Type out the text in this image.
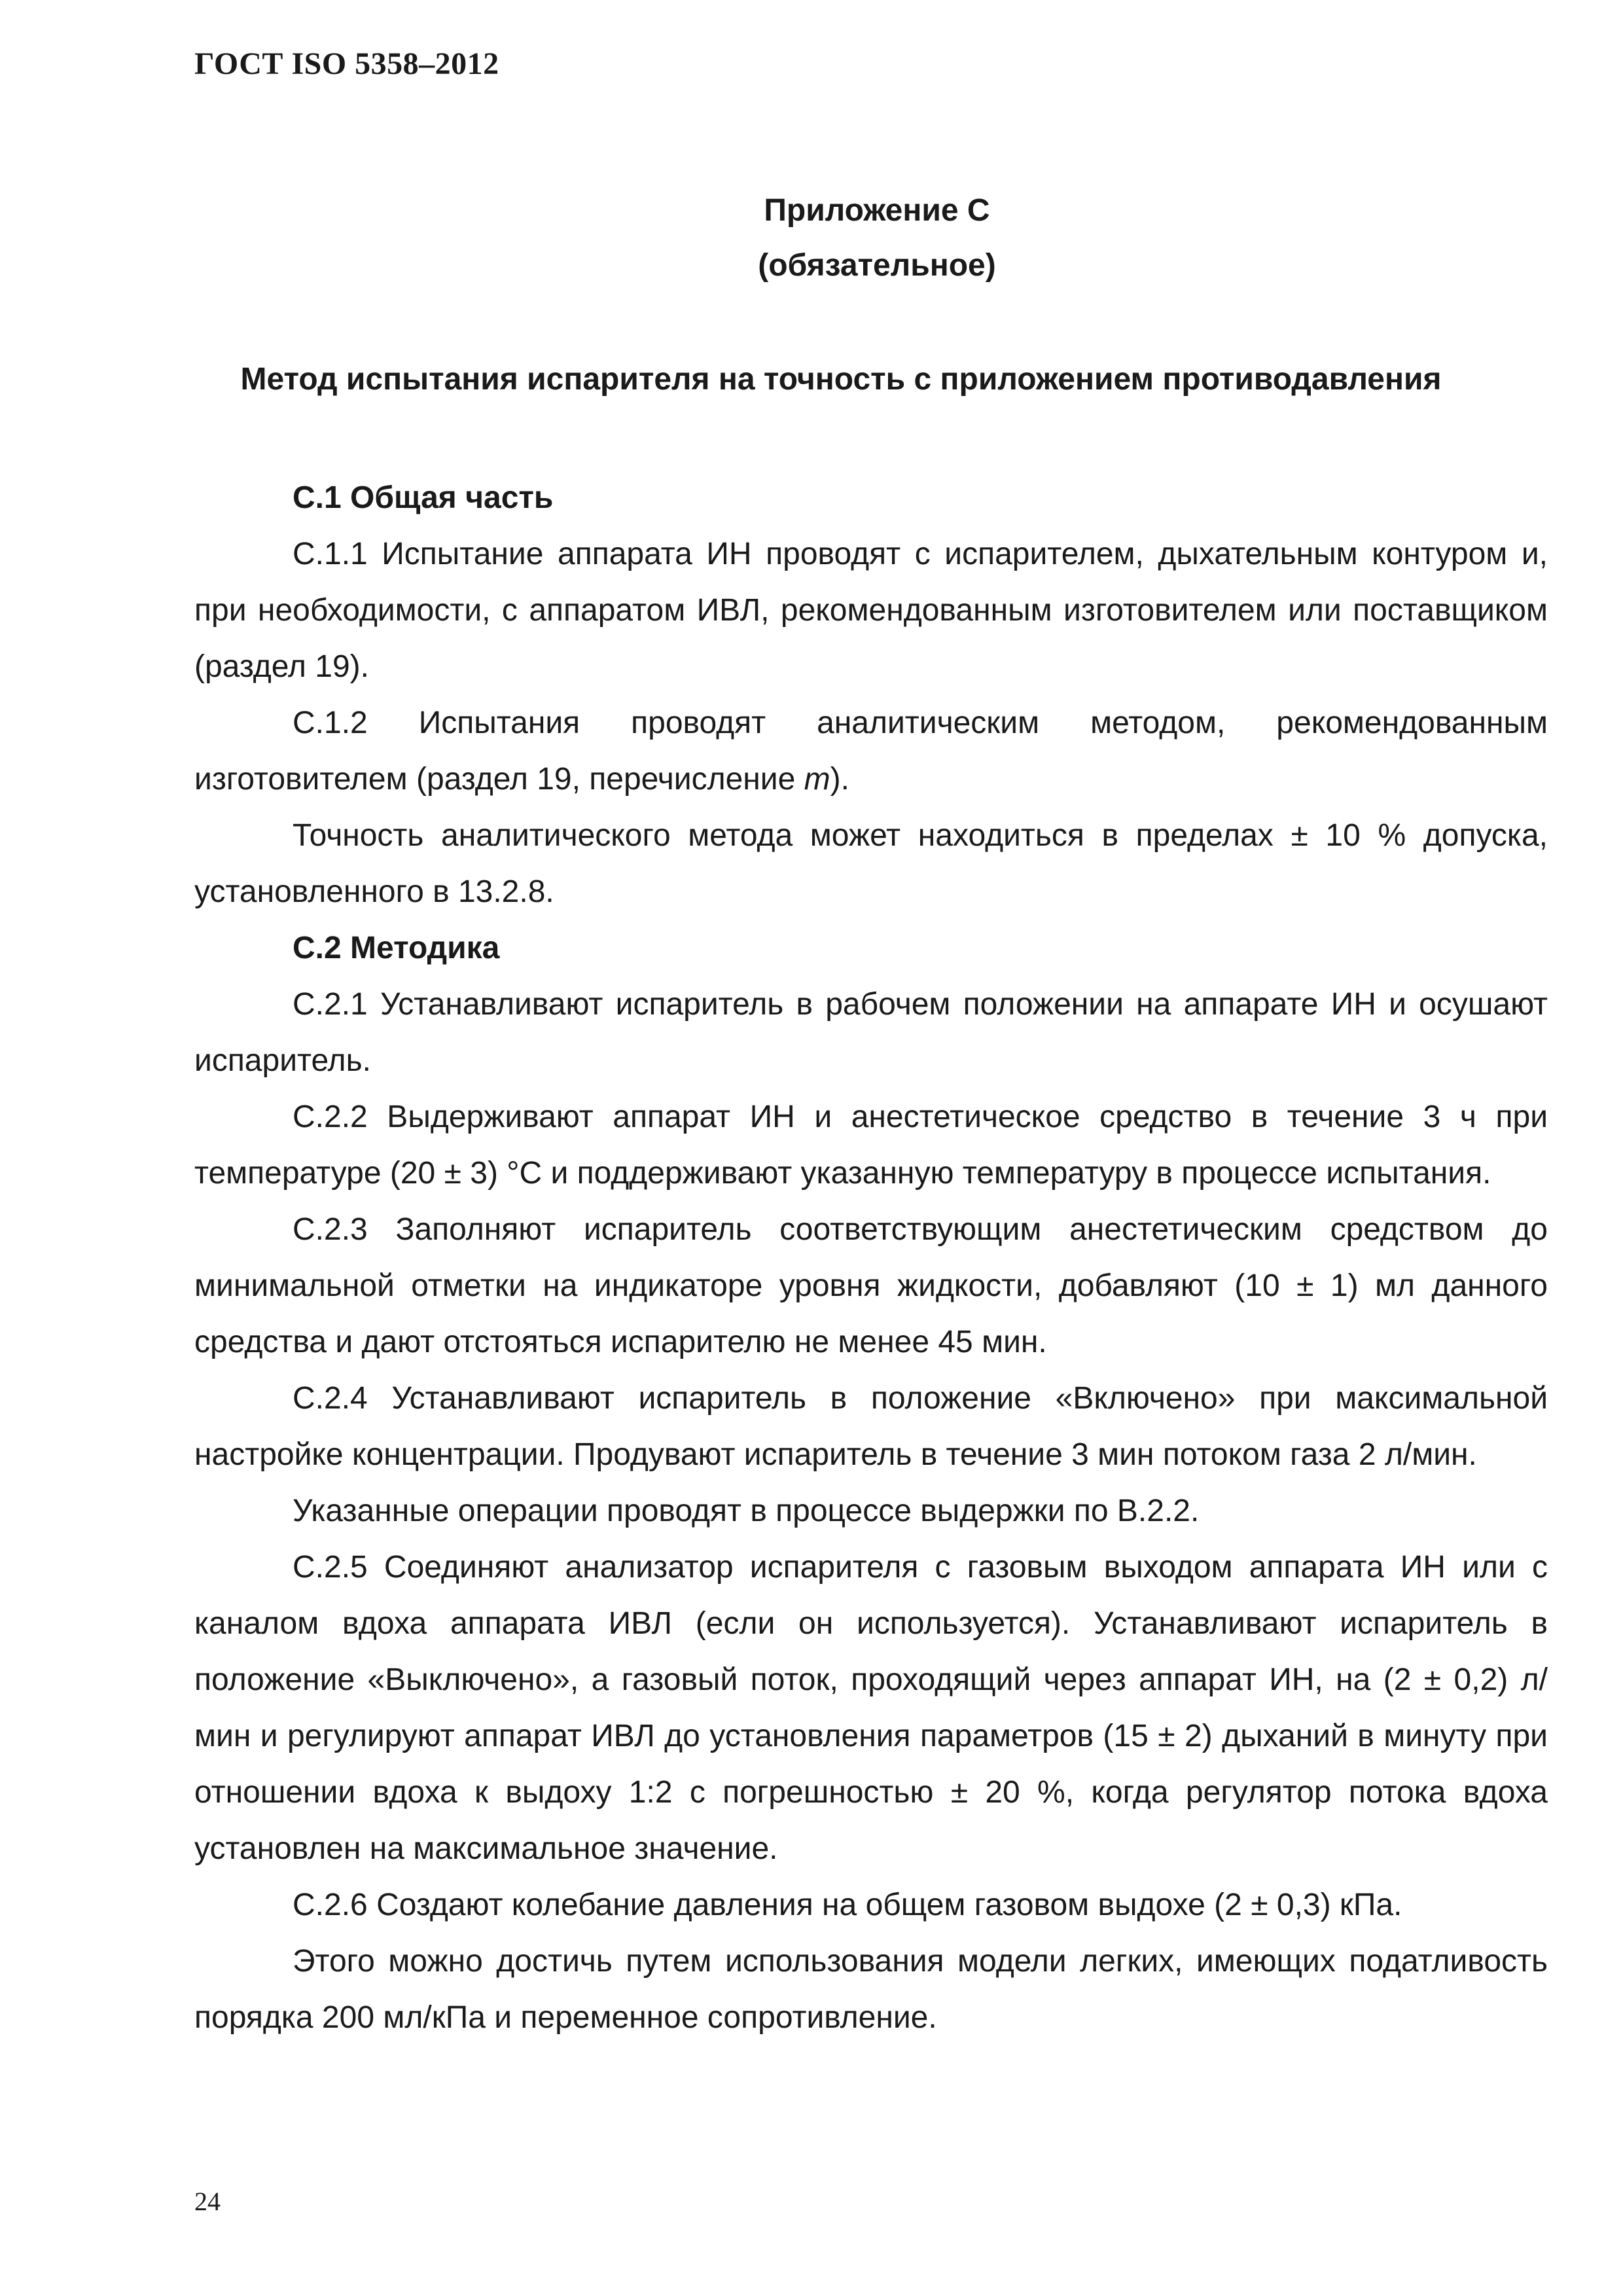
ГОСТ ISO 5358–2012
Приложение С
(обязательное)
Метод испытания испарителя на точность с приложением противодавления
С.1 Общая часть

С.1.1 Испытание аппарата ИН проводят с испарителем, дыхательным контуром и, при необходимости, с аппаратом ИВЛ, рекомендованным изготовителем или поставщиком (раздел 19).

С.1.2 Испытания проводят аналитическим методом, рекомендованным изготовителем (раздел 19, перечисление m).

Точность аналитического метода может находиться в пределах ± 10 % допуска, установленного в 13.2.8.

С.2 Методика

С.2.1 Устанавливают испаритель в рабочем положении на аппарате ИН и осушают испаритель.

С.2.2 Выдерживают аппарат ИН и анестетическое средство в течение 3 ч при температуре (20 ± 3) °С и поддерживают указанную температуру в процессе испытания.

С.2.3 Заполняют испаритель соответствующим анестетическим средством до минимальной отметки на индикаторе уровня жидкости, добавляют (10 ± 1) мл данного средства и дают отстояться испарителю не менее 45 мин.

С.2.4 Устанавливают испаритель в положение «Включено» при максимальной настройке концентрации. Продувают испаритель в течение 3 мин потоком газа 2 л/мин.

Указанные операции проводят в процессе выдержки по В.2.2.

С.2.5 Соединяют анализатор испарителя с газовым выходом аппарата ИН или с каналом вдоха аппарата ИВЛ (если он используется). Устанавливают испаритель в положение «Выключено», а газовый поток, проходящий через аппарат ИН, на (2 ± 0,2) л/мин и регулируют аппарат ИВЛ до установления параметров (15 ± 2) дыханий в минуту при отношении вдоха к выдоху 1:2 с погрешностью ± 20 %, когда регулятор потока вдоха установлен на максимальное значение.

С.2.6 Создают колебание давления на общем газовом выдохе (2 ± 0,3) кПа.

Этого можно достичь путем использования модели легких, имеющих податливость порядка 200 мл/кПа и переменное сопротивление.

24
